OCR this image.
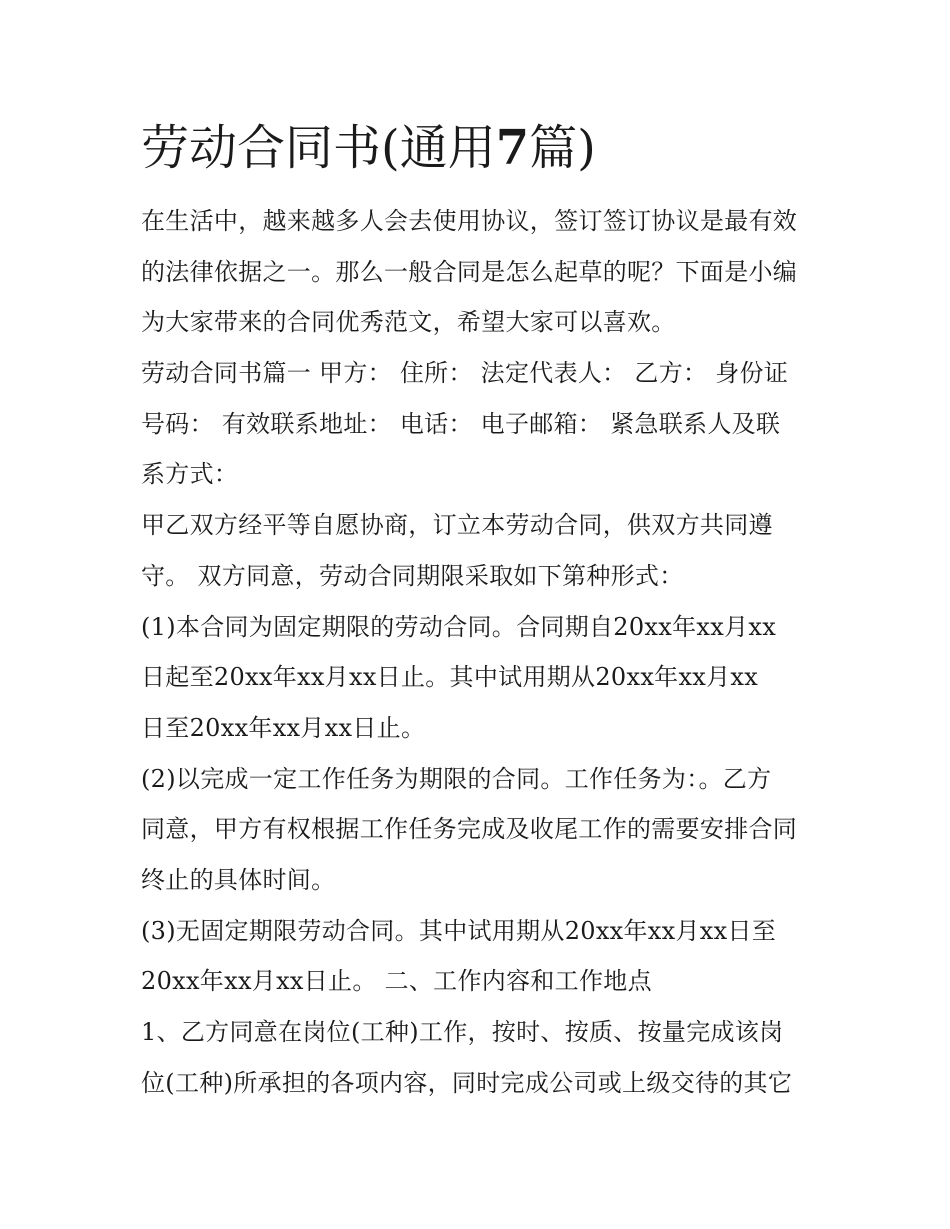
劳动合同书(通用7篇)
在生活中，越来越多人会去使用协议，签订签订协议是最有效
的法律依据之一。那么一般合同是怎么起草的呢？下面是小编
为大家带来的合同优秀范文，希望大家可以喜欢。
劳动合同书篇一 甲方： 住所： 法定代表人： 乙方： 身份证
号码： 有效联系地址： 电话： 电子邮箱： 紧急联系人及联
系方式：
甲乙双方经平等自愿协商，订立本劳动合同，供双方共同遵
守。 双方同意，劳动合同期限采取如下第种形式：
(1)本合同为固定期限的劳动合同。合同期自20xx年xx月xx
日起至20xx年xx月xx日止。其中试用期从20xx年xx月xx
日至20xx年xx月xx日止。
(2)以完成一定工作任务为期限的合同。工作任务为：。乙方
同意，甲方有权根据工作任务完成及收尾工作的需要安排合同
终止的具体时间。
(3)无固定期限劳动合同。其中试用期从20xx年xx月xx日至
20xx年xx月xx日止。 二、工作内容和工作地点
1、乙方同意在岗位(工种)工作，按时、按质、按量完成该岗
位(工种)所承担的各项内容，同时完成公司或上级交待的其它
